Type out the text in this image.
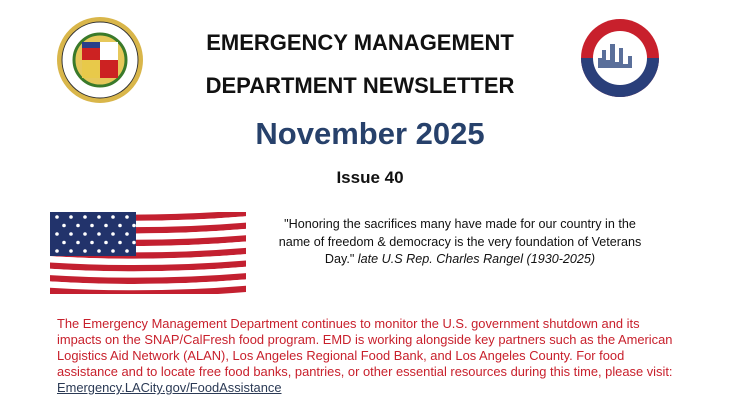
EMERGENCY MANAGEMENT
DEPARTMENT NEWSLETTER
November 2025
Issue 40
"Honoring the sacrifices many have made for our country in the name of freedom & democracy is the very foundation of Veterans Day." late U.S Rep. Charles Rangel (1930-2025)
The Emergency Management Department continues to monitor the U.S. government shutdown and its impacts on the SNAP/CalFresh food program. EMD is working alongside key partners such as the American Logistics Aid Network (ALAN), Los Angeles Regional Food Bank, and Los Angeles County. For food assistance and to locate free food banks, pantries, or other essential resources during this time, please visit: Emergency.LACity.gov/FoodAssistance
